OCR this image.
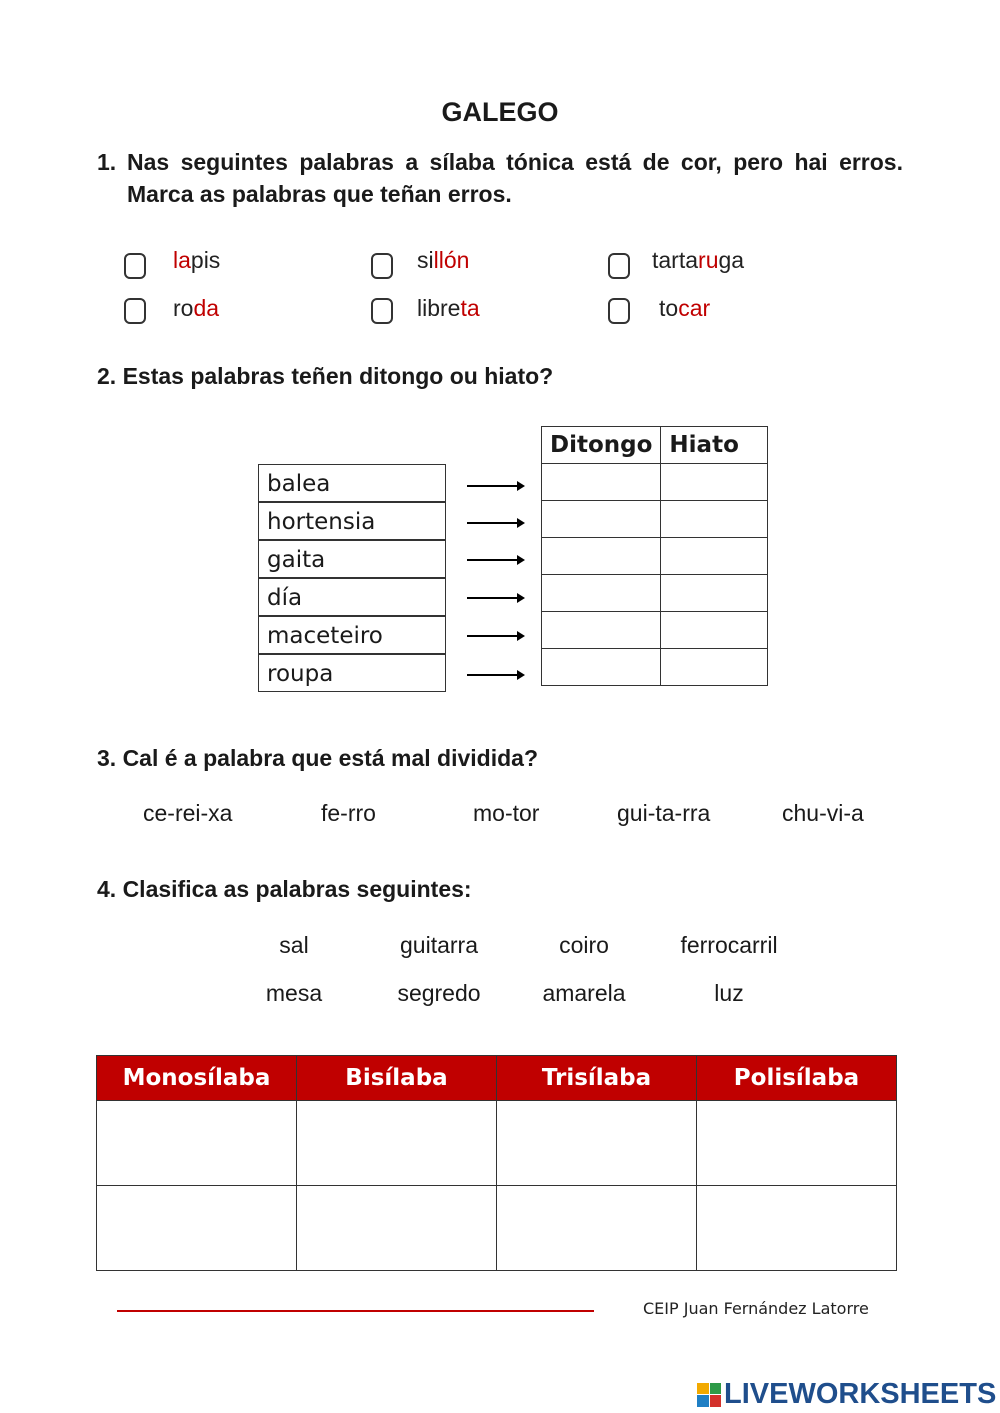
GALEGO
1. Nas seguintes palabras a sílaba tónica está de cor, pero hai erros. Marca as palabras que teñan erros.
lapis	sillón	tartaruga
roda	libreta	tocar
2. Estas palabras teñen ditongo ou hiato?
balea
hortensia
gaita
día
maceteiro
roupa
Ditongo	Hiato

3. Cal é a palabra que está mal dividida?
ce-rei-xa	fe-rro	mo-tor	gui-ta-rra	chu-vi-a
4. Clasifica as palabras seguintes:
sal	guitarra	coiro	ferrocarril
mesa	segredo	amarela	luz
Monosílaba	Bisílaba	Trisílaba	Polisílaba

CEIP Juan Fernández Latorre
LIVEWORKSHEETS
